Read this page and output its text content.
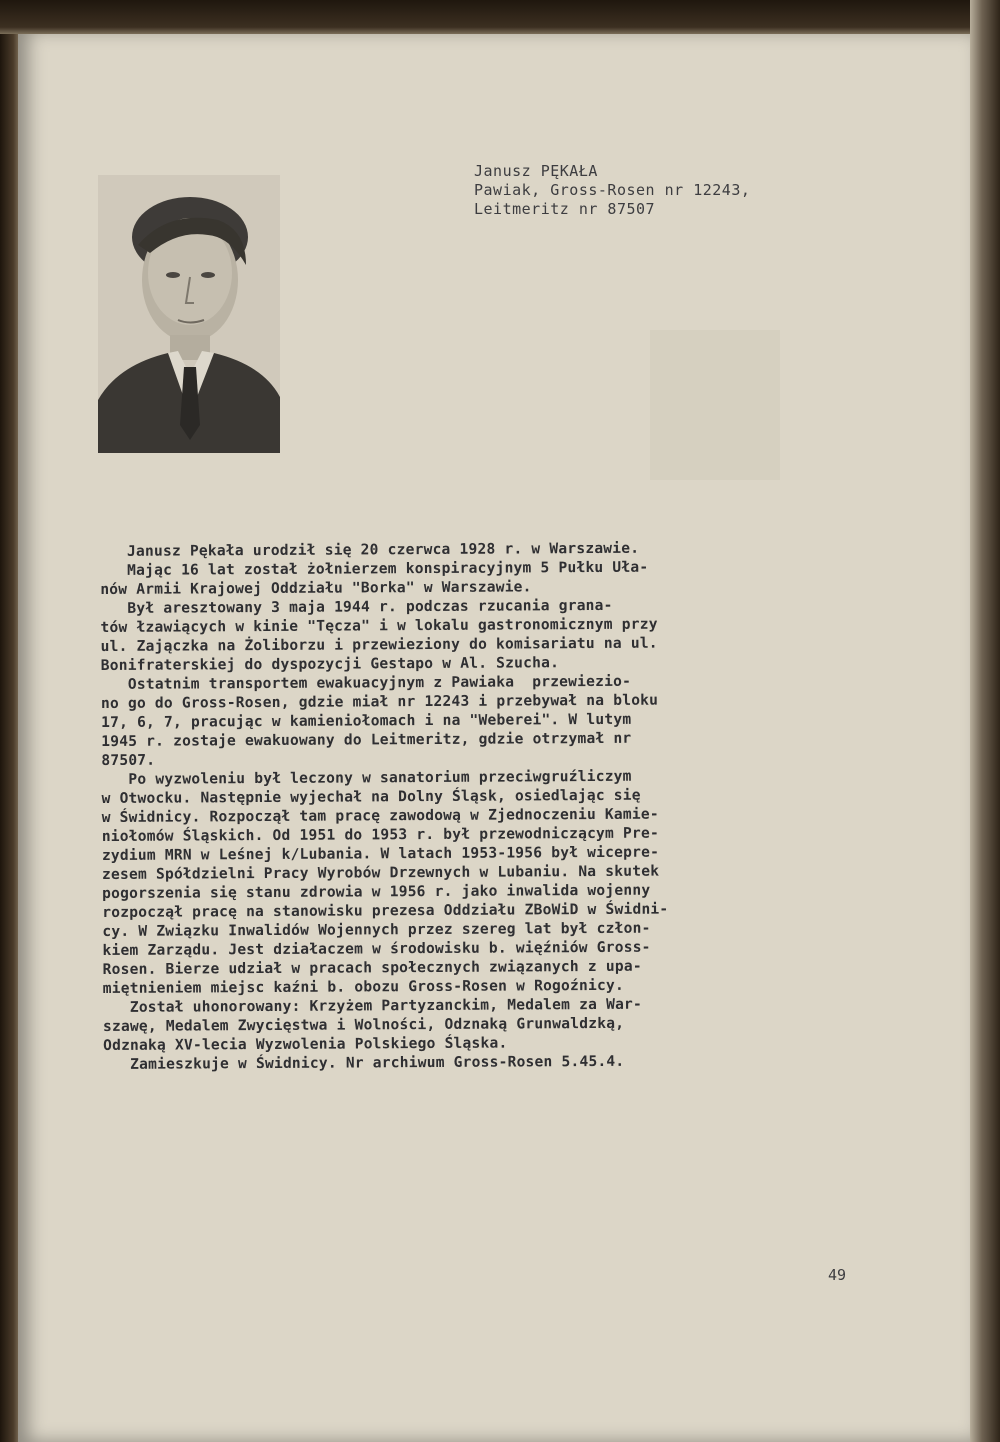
Janusz PĘKAŁA
Pawiak, Gross-Rosen nr 12243,
Leitmeritz nr 87507
Janusz Pękała urodził się 20 czerwca 1928 r. w Warszawie.
Mając 16 lat został żołnierzem konspiracyjnym 5 Pułku Uła-
nów Armii Krajowej Oddziału "Borka" w Warszawie.
Był aresztowany 3 maja 1944 r. podczas rzucania grana-
tów łzawiących w kinie "Tęcza" i w lokalu gastronomicznym przy
ul. Zajączka na Żoliborzu i przewieziony do komisariatu na ul.
Bonifraterskiej do dyspozycji Gestapo w Al. Szucha.
Ostatnim transportem ewakuacyjnym z Pawiaka  przewiezio-
no go do Gross-Rosen, gdzie miał nr 12243 i przebywał na bloku
17, 6, 7, pracując w kamieniołomach i na "Weberei". W lutym
1945 r. zostaje ewakuowany do Leitmeritz, gdzie otrzymał nr
87507.
Po wyzwoleniu był leczony w sanatorium przeciwgruźliczym
w Otwocku. Następnie wyjechał na Dolny Śląsk, osiedlając się
w Świdnicy. Rozpoczął tam pracę zawodową w Zjednoczeniu Kamie-
niołomów Śląskich. Od 1951 do 1953 r. był przewodniczącym Pre-
zydium MRN w Leśnej k/Lubania. W latach 1953-1956 był wicepre-
zesem Spółdzielni Pracy Wyrobów Drzewnych w Lubaniu. Na skutek
pogorszenia się stanu zdrowia w 1956 r. jako inwalida wojenny
rozpoczął pracę na stanowisku prezesa Oddziału ZBoWiD w Świdni-
cy. W Związku Inwalidów Wojennych przez szereg lat był człon-
kiem Zarządu. Jest działaczem w środowisku b. więźniów Gross-
Rosen. Bierze udział w pracach społecznych związanych z upa-
miętnieniem miejsc kaźni b. obozu Gross-Rosen w Rogoźnicy.
Został uhonorowany: Krzyżem Partyzanckim, Medalem za War-
szawę, Medalem Zwycięstwa i Wolności, Odznaką Grunwaldzką,
Odznaką XV-lecia Wyzwolenia Polskiego Śląska.
Zamieszkuje w Świdnicy. Nr archiwum Gross-Rosen 5.45.4.
49
